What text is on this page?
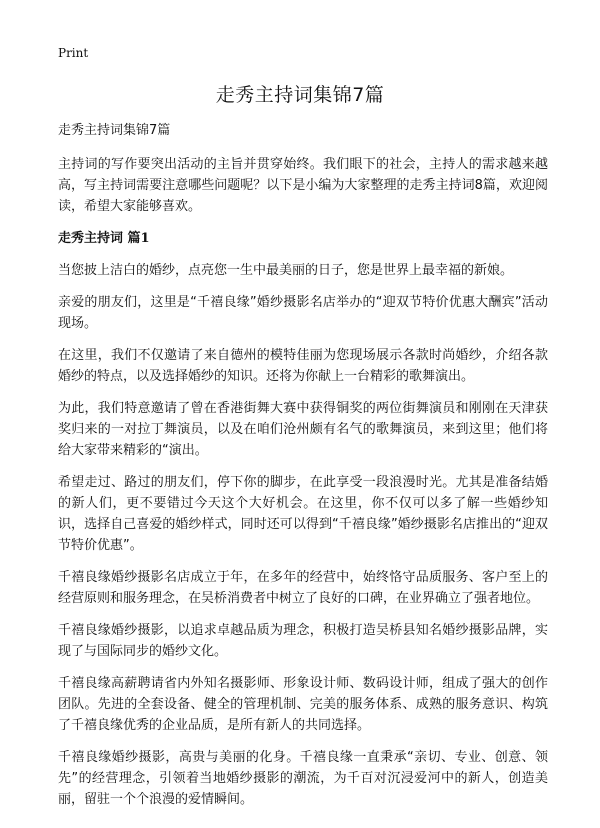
Print
走秀主持词集锦7篇

走秀主持词集锦7篇

主持词的写作要突出活动的主旨并贯穿始终。我们眼下的社会，主持人的需求越来越高，写主持词需要注意哪些问题呢？以下是小编为大家整理的走秀主持词8篇，欢迎阅读，希望大家能够喜欢。

走秀主持词 篇1

当您披上洁白的婚纱，点亮您一生中最美丽的日子，您是世界上最幸福的新娘。

亲爱的朋友们，这里是“千禧良缘”婚纱摄影名店举办的“迎双节特价优惠大酬宾”活动现场。

在这里，我们不仅邀请了来自德州的模特佳丽为您现场展示各款时尚婚纱，介绍各款婚纱的特点，以及选择婚纱的知识。还将为你献上一台精彩的歌舞演出。

为此，我们特意邀请了曾在香港街舞大赛中获得铜奖的两位街舞演员和刚刚在天津获奖归来的一对拉丁舞演员，以及在咱们沧州颇有名气的歌舞演员，来到这里；他们将给大家带来精彩的“演出。

希望走过、路过的朋友们，停下你的脚步，在此享受一段浪漫时光。尤其是准备结婚的新人们，更不要错过今天这个大好机会。在这里，你不仅可以多了解一些婚纱知识，选择自己喜爱的婚纱样式，同时还可以得到“千禧良缘”婚纱摄影名店推出的“迎双节特价优惠”。

千禧良缘婚纱摄影名店成立于年，在多年的经营中，始终恪守品质服务、客户至上的经营原则和服务理念，在吴桥消费者中树立了良好的口碑，在业界确立了强者地位。

千禧良缘婚纱摄影，以追求卓越品质为理念，积极打造吴桥县知名婚纱摄影品牌，实现了与国际同步的婚纱文化。

千禧良缘高薪聘请省内外知名摄影师、形象设计师、数码设计师，组成了强大的创作团队。先进的全套设备、健全的管理机制、完美的服务体系、成熟的服务意识、构筑了千禧良缘优秀的企业品质，是所有新人的共同选择。

千禧良缘婚纱摄影，高贵与美丽的化身。千禧良缘一直秉承“亲切、专业、创意、领先”的经营理念，引领着当地婚纱摄影的潮流，为千百对沉浸爱河中的新人，创造美丽，留驻一个个浪漫的爱情瞬间。
